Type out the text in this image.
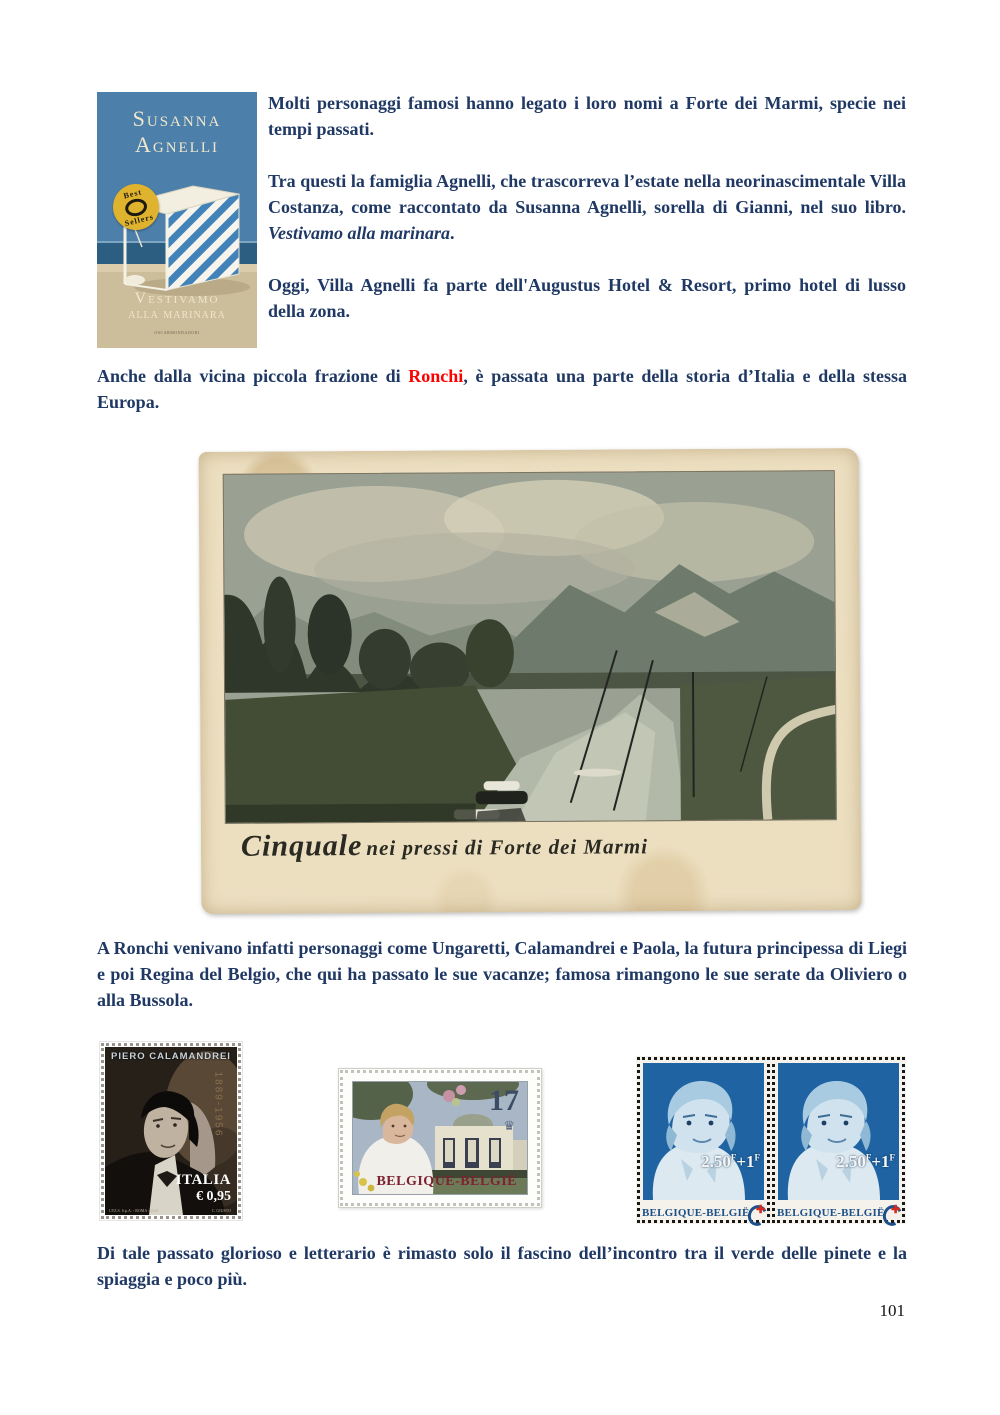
Susanna
Agnelli
Best
Sellers
Vestivamo
alla marinara
OSCARMONDADORI

Molti personaggi famosi hanno legato i loro nomi a Forte dei Marmi, specie nei tempi passati.

Tra questi la famiglia Agnelli, che trascorreva l’estate nella neorinascimentale Villa Costanza, come raccontato da Susanna Agnelli, sorella di Gianni, nel suo libro. Vestivamo alla marinara.

Oggi, Villa Agnelli fa parte dell'Augustus Hotel & Resort, primo hotel di lusso della zona.

Anche dalla vicina piccola frazione di Ronchi, è passata una parte della storia d’Italia e della stessa Europa.

Cinquale nei pressi di Forte dei Marmi

A Ronchi venivano infatti personaggi come Ungaretti, Calamandrei e Paola, la futura principessa di Liegi e poi Regina del Belgio, che qui ha passato le sue vacanze; famosa rimangono le sue serate da Oliviero o alla Bussola.

PIERO CALAMANDREI
1889-1956
ITALIA
€ 0,95
I.P.Z.S. S.p.A. - ROMA - 2016	C. GIUSTO
17
♛
BELGIQUE-BELGIË
$2.50^F+1^F$
BELGIQUE-BELGIË ✚
$2.50^F+1^F$
BELGIQUE-BELGIË ✚

Di tale passato glorioso e letterario è rimasto solo il fascino dell’incontro tra il verde delle pinete e la spiaggia e poco più.

101
